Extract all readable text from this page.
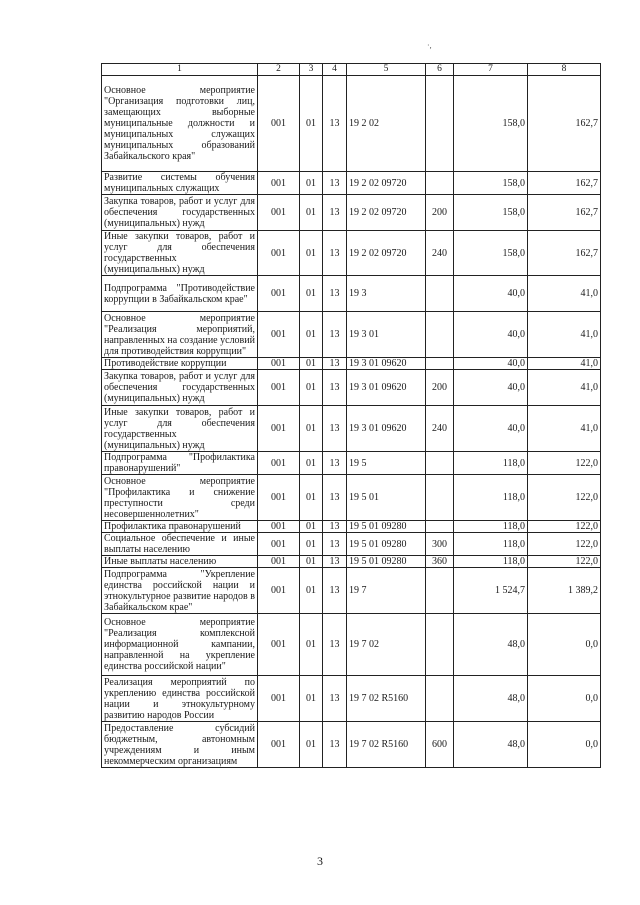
·,
1	2	3	4	5	6	7	8
Основное мероприятие "Организация подготовки лиц, замещающих выборные муниципальные должности и муниципальных служащих муниципальных образований Забайкальского края"	001	01	13	19 2 02		158,0	162,7
Развитие системы обучения муниципальных служащих	001	01	13	19 2 02 09720		158,0	162,7
Закупка товаров, работ и услуг для обеспечения государственных (муниципальных) нужд	001	01	13	19 2 02 09720	200	158,0	162,7
Иные закупки товаров, работ и услуг для обеспечения государственных (муниципальных) нужд	001	01	13	19 2 02 09720	240	158,0	162,7
Подпрограмма "Противодействие коррупции в Забайкальском крае"	001	01	13	19 3		40,0	41,0
Основное мероприятие "Реализация мероприятий, направленных на создание условий для противодействия коррупции"	001	01	13	19 3 01		40,0	41,0
Противодействие коррупции	001	01	13	19 3 01 09620		40,0	41,0
Закупка товаров, работ и услуг для обеспечения государственных (муниципальных) нужд	001	01	13	19 3 01 09620	200	40,0	41,0
Иные закупки товаров, работ и услуг для обеспечения государственных (муниципальных) нужд	001	01	13	19 3 01 09620	240	40,0	41,0
Подпрограмма "Профилактика правонарушений"	001	01	13	19 5		118,0	122,0
Основное мероприятие "Профилактика и снижение преступности среди несовершеннолетних"	001	01	13	19 5 01		118,0	122,0
Профилактика правонарушений	001	01	13	19 5 01 09280		118,0	122,0
Социальное обеспечение и иные выплаты населению	001	01	13	19 5 01 09280	300	118,0	122,0
Иные выплаты населению	001	01	13	19 5 01 09280	360	118,0	122,0
Подпрограмма "Укрепление единства российской нации и этнокультурное развитие народов в Забайкальском крае"	001	01	13	19 7		1 524,7	1 389,2
Основное мероприятие "Реализация комплексной информационной кампании, направленной на укрепление единства российской нации"	001	01	13	19 7 02		48,0	0,0
Реализация мероприятий по укреплению единства российской нации и этнокультурному развитию народов России	001	01	13	19 7 02 R5160		48,0	0,0
Предоставление субсидий бюджетным, автономным учреждениям и иным некоммерческим организациям	001	01	13	19 7 02 R5160	600	48,0	0,0
3
